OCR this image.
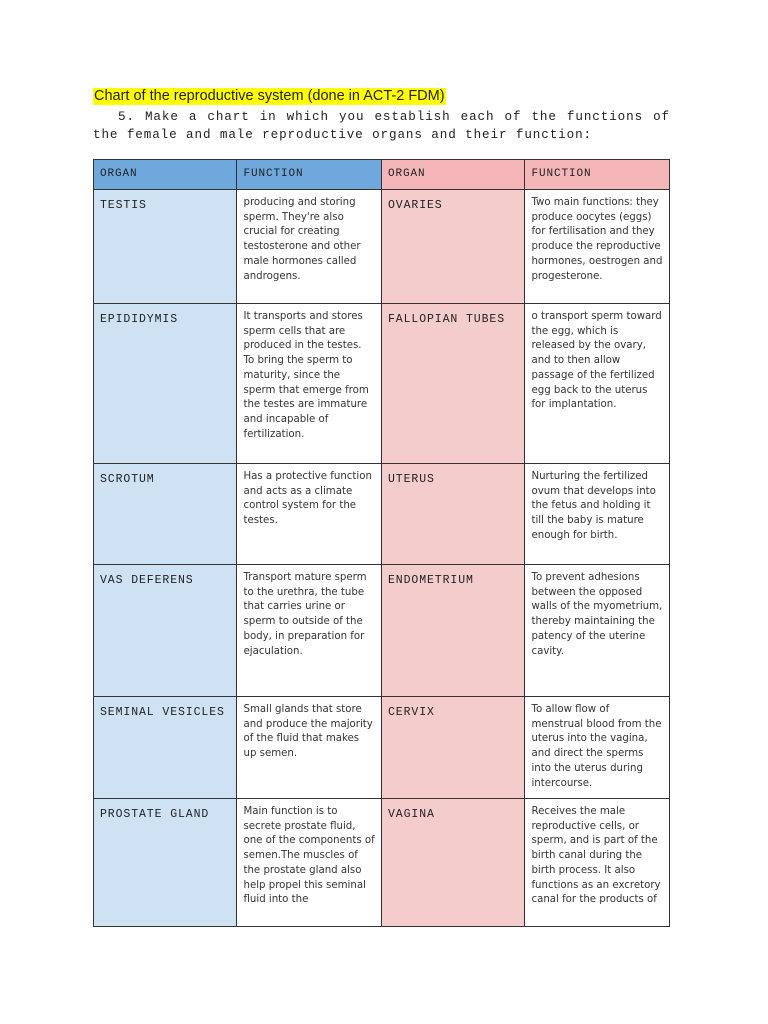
Chart of the reproductive system (done in ACT-2 FDM)
5. Make a chart in which you establish each of the functions of the female and male reproductive organs and their function:
ORGAN	FUNCTION	ORGAN	FUNCTION

TESTIS	producing and storing sperm. They're also crucial for creating testosterone and other male hormones called androgens.	OVARIES	Two main functions: they produce oocytes (eggs) for fertilisation and they produce the reproductive hormones, oestrogen and progesterone.

EPIDIDYMIS	It transports and stores sperm cells that are produced in the testes. To bring the sperm to maturity, since the sperm that emerge from the testes are immature and incapable of fertilization.	FALLOPIAN TUBES	o transport sperm toward the egg, which is released by the ovary, and to then allow passage of the fertilized egg back to the uterus for implantation.

SCROTUM	Has a protective function and acts as a climate control system for the testes.	UTERUS	Nurturing the fertilized ovum that develops into the fetus and holding it till the baby is mature enough for birth.

VAS DEFERENS	Transport mature sperm to the urethra, the tube that carries urine or sperm to outside of the body, in preparation for ejaculation.	ENDOMETRIUM	To prevent adhesions between the opposed walls of the myometrium, thereby maintaining the patency of the uterine cavity.

SEMINAL VESICLES	Small glands that store and produce the majority of the fluid that makes up semen.	CERVIX	To allow flow of menstrual blood from the uterus into the vagina, and direct the sperms into the uterus during intercourse.

PROSTATE GLAND	Main function is to secrete prostate fluid, one of the components of semen.The muscles of the prostate gland also help propel this seminal fluid into the	VAGINA	Receives the male reproductive cells, or sperm, and is part of the birth canal during the birth process. It also functions as an excretory canal for the products of
